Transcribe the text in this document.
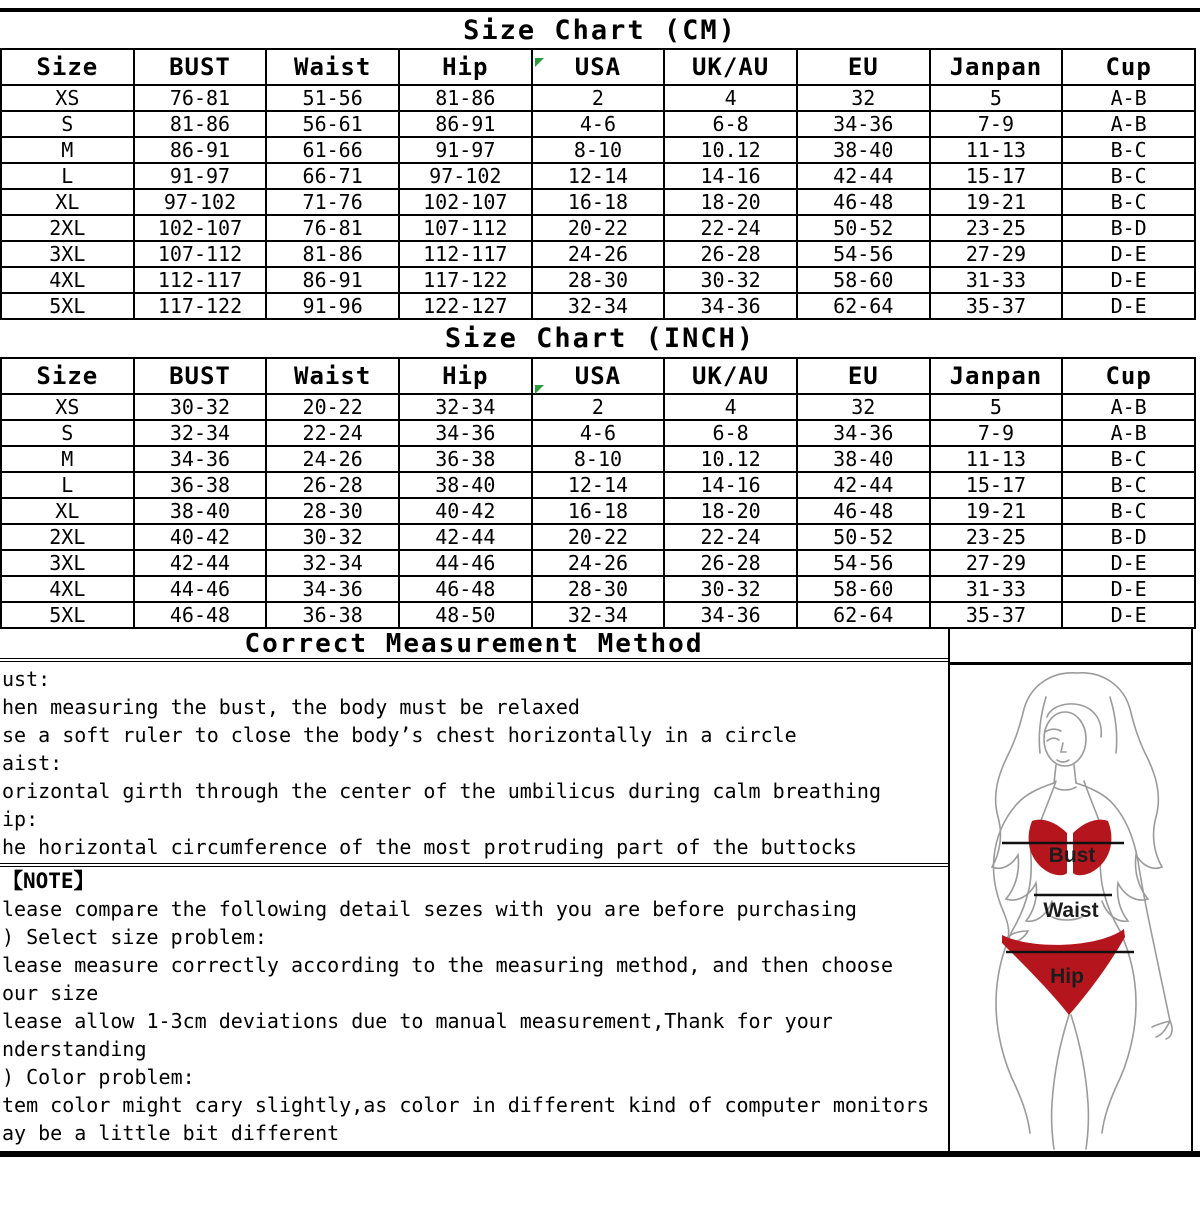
Size Chart (CM)
Size	BUST	Waist	Hip	USA	UK/AU	EU	Janpan	Cup
XS	76-81	51-56	81-86	2	4	32	5	A-B
S	81-86	56-61	86-91	4-6	6-8	34-36	7-9	A-B
M	86-91	61-66	91-97	8-10	10.12	38-40	11-13	B-C
L	91-97	66-71	97-102	12-14	14-16	42-44	15-17	B-C
XL	97-102	71-76	102-107	16-18	18-20	46-48	19-21	B-C
2XL	102-107	76-81	107-112	20-22	22-24	50-52	23-25	B-D
3XL	107-112	81-86	112-117	24-26	26-28	54-56	27-29	D-E
4XL	112-117	86-91	117-122	28-30	30-32	58-60	31-33	D-E
5XL	117-122	91-96	122-127	32-34	34-36	62-64	35-37	D-E
Size Chart (INCH)
Size	BUST	Waist	Hip	USA	UK/AU	EU	Janpan	Cup
XS	30-32	20-22	32-34	2	4	32	5	A-B
S	32-34	22-24	34-36	4-6	6-8	34-36	7-9	A-B
M	34-36	24-26	36-38	8-10	10.12	38-40	11-13	B-C
L	36-38	26-28	38-40	12-14	14-16	42-44	15-17	B-C
XL	38-40	28-30	40-42	16-18	18-20	46-48	19-21	B-C
2XL	40-42	30-32	42-44	20-22	22-24	50-52	23-25	B-D
3XL	42-44	32-34	44-46	24-26	26-28	54-56	27-29	D-E
4XL	44-46	34-36	46-48	28-30	30-32	58-60	31-33	D-E
5XL	46-48	36-38	48-50	32-34	34-36	62-64	35-37	D-E
Correct Measurement Method
ust:
hen measuring the bust, the body must be relaxed
se a soft ruler to close the body’s chest horizontally in a circle
aist:
orizontal girth through the center of the umbilicus during calm breathing
ip:
he horizontal circumference of the most protruding part of the buttocks
【NOTE】
lease compare the following detail sezes with you are before purchasing
) Select size problem:
lease measure correctly according to the measuring method, and then choose
our size
lease allow 1-3cm deviations due to manual measurement,Thank for your
nderstanding
) Color problem:
tem color might cary slightly,as color in different kind of computer monitors
ay be a little bit different
Bust
Waist
Hip
